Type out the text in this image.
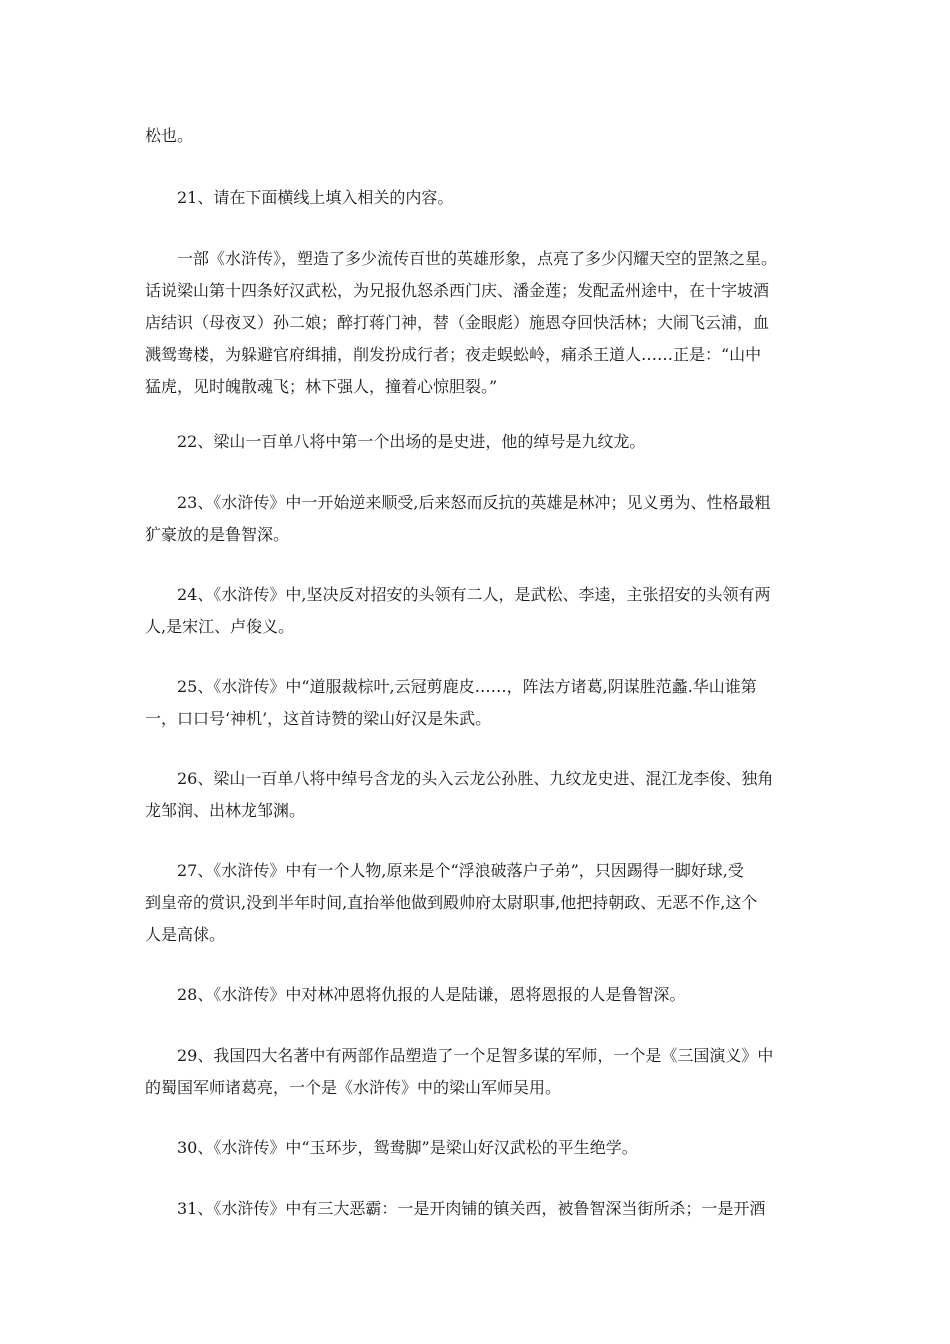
松也。

21、请在下面横线上填入相关的内容。

一部《水浒传》，塑造了多少流传百世的英雄形象，点亮了多少闪耀天空的罡煞之星。
话说梁山第十四条好汉武松，为兄报仇怒杀西门庆、潘金莲；发配孟州途中，在十字坡酒
店结识（母夜叉）孙二娘；醉打蒋门神，替（金眼彪）施恩夺回快活林；大闹飞云浦，血
溅鸳鸯楼，为躲避官府缉捕，削发扮成行者；夜走蜈蚣岭，痛杀王道人……正是：“山中
猛虎，见时魄散魂飞；林下强人，撞着心惊胆裂。”

22、梁山一百单八将中第一个出场的是史进，他的绰号是九纹龙。

23、《水浒传》中一开始逆来顺受,后来怒而反抗的英雄是林冲；见义勇为、性格最粗
犷豪放的是鲁智深。

24、《水浒传》中,坚决反对招安的头领有二人，是武松、李逵，主张招安的头领有两
人,是宋江、卢俊义。

25、《水浒传》中“道服裁棕叶,云冠剪鹿皮……，阵法方诸葛,阴谋胜范蠡.华山谁第
一，口口号‘神机’，这首诗赞的梁山好汉是朱武。

26、梁山一百单八将中绰号含龙的头入云龙公孙胜、九纹龙史进、混江龙李俊、独角
龙邹润、出林龙邹渊。

27、《水浒传》中有一个人物,原来是个“浮浪破落户子弟”，只因踢得一脚好球,受
到皇帝的赏识,没到半年时间,直抬举他做到殿帅府太尉职事,他把持朝政、无恶不作,这个
人是高俅。

28、《水浒传》中对林冲恩将仇报的人是陆谦，恩将恩报的人是鲁智深。

29、我国四大名著中有两部作品塑造了一个足智多谋的军师，一个是《三国演义》中
的蜀国军师诸葛亮，一个是《水浒传》中的梁山军师吴用。

30、《水浒传》中“玉环步，鸳鸯脚”是梁山好汉武松的平生绝学。

31、《水浒传》中有三大恶霸：一是开肉铺的镇关西，被鲁智深当街所杀；一是开酒
